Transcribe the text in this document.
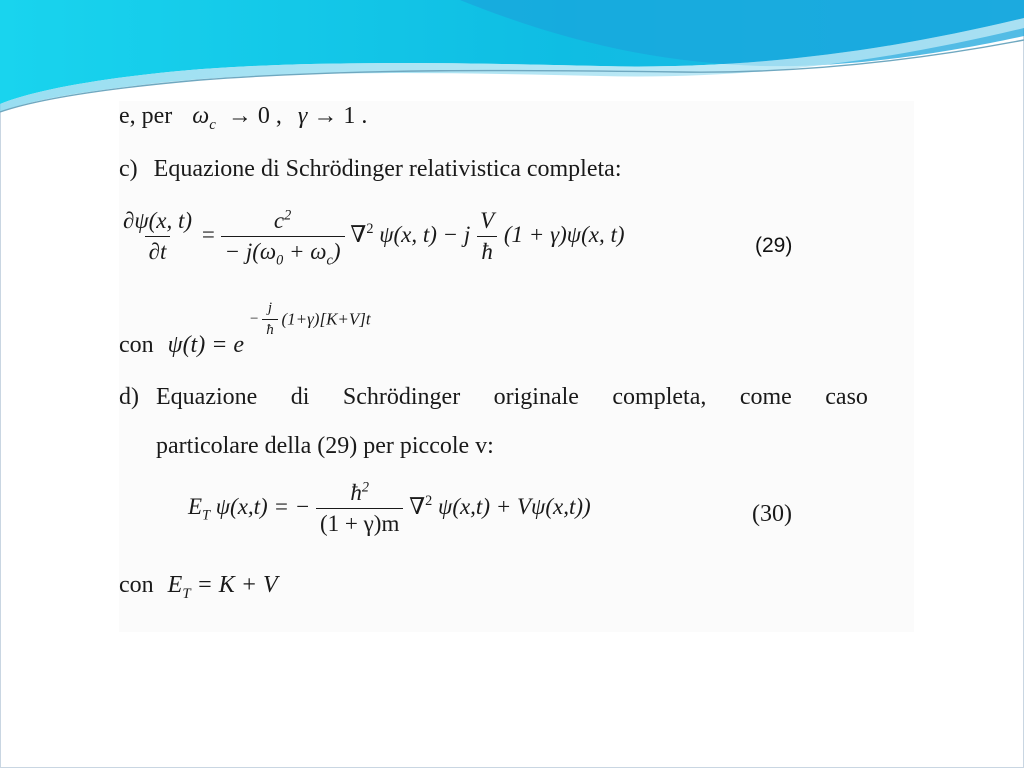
e, per $\omega_c \to 0$ , γ → 1 .
c) Equazione di Schrödinger relativistica completa:
$\frac{\partial\psi(x, t)}{\partial t} = \frac{c^2}{- j(\omega_0 + \omega_c)} \nabla^2$ ψ(x, t) − j $\frac{V}{ħ} (1 + \gamma)\psi(x$, t)	(29)
con ψ(t) = e
− $\frac{j}{ħ} (1+\gamma)[K+V]t$
d) Equazione di Schrödinger originale completa, come caso
particolare della (29) per piccole v:
$E_T$ ψ(x,t) = − $\frac{ħ^2}{(1 + \gamma)m} \nabla^2$ ψ(x,t) + Vψ(x,t))	(30)
con $E_T = K + V$
